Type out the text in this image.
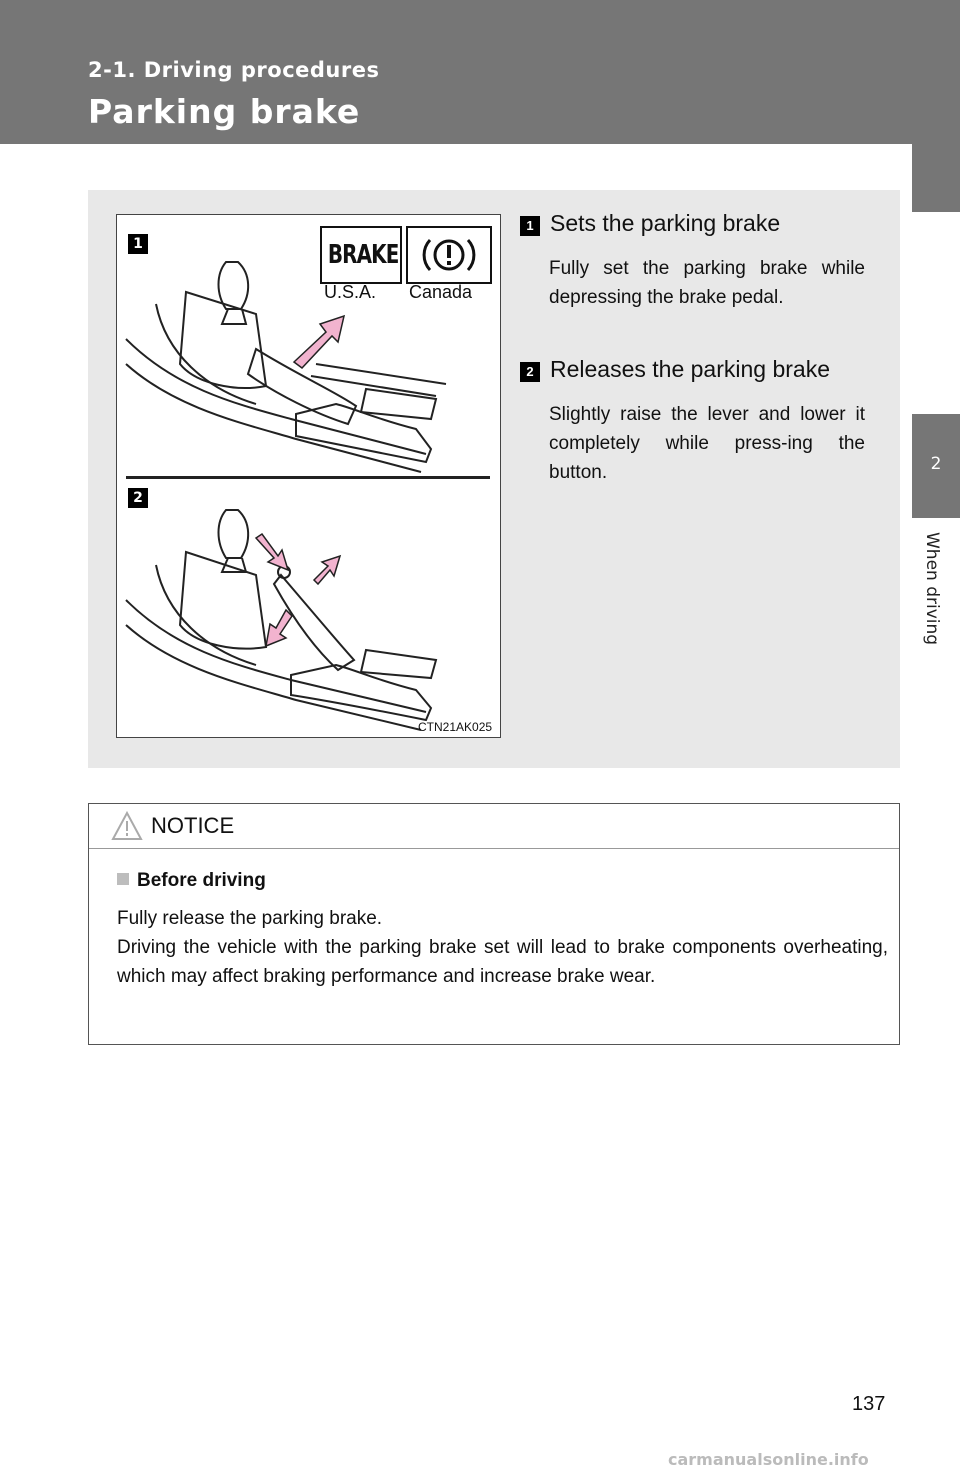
2-1. Driving procedures
Parking brake
2
When driving
1
2
BRAKE
U.S.A. Canada
CTN21AK025
1 Sets the parking brake
Fully set the parking brake while depressing the brake pedal.
2 Releases the parking brake
Slightly raise the lever and lower it completely while press-ing the button.
NOTICE
Before driving
Fully release the parking brake.
Driving the vehicle with the parking brake set will lead to brake components overheating, which may affect braking performance and increase brake wear.
137
carmanualsonline.info
